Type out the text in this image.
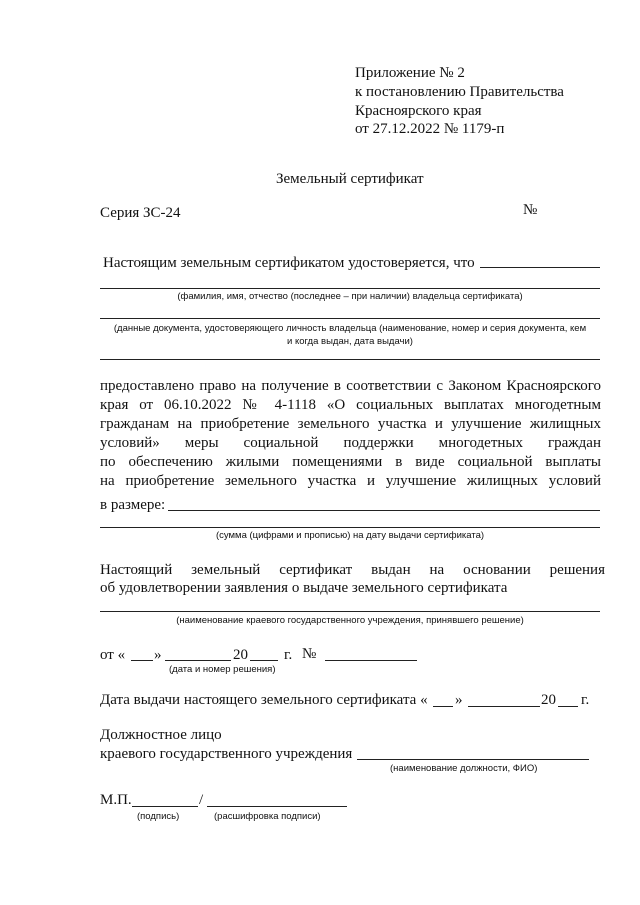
Приложение № 2
к постановлению Правительства
Красноярского края
от 27.12.2022 № 1179-п
Земельный сертификат
Серия ЗС-24	№
Настоящим земельным сертификатом удостоверяется, что
(фамилия, имя, отчество (последнее – при наличии) владельца сертификата)
(данные документа, удостоверяющего личность владельца (наименование, номер и серия документа, кем
и когда выдан, дата выдачи)
предоставлено право на получение в соответствии с Законом Красноярского
края от 06.10.2022 № 4-1118 «О социальных выплатах многодетным
гражданам на приобретение земельного участка и улучшение жилищных
условий» меры социальной поддержки многодетных граждан
по обеспечению жилыми помещениями в виде социальной выплаты
на приобретение земельного участка и улучшение жилищных условий
в размере:
(сумма (цифрами и прописью) на дату выдачи сертификата)
Настоящий земельный сертификат выдан на основании решения
об удовлетворении заявления о выдаче земельного сертификата
(наименование краевого государственного учреждения, принявшего решение)
от « »	20 г. №
(дата и номер решения)
Дата выдачи настоящего земельного сертификата « »	20 г.
Должностное лицо
краевого государственного учреждения
(наименование должности, ФИО)
М.П.	/
(подпись)	(расшифровка подписи)
